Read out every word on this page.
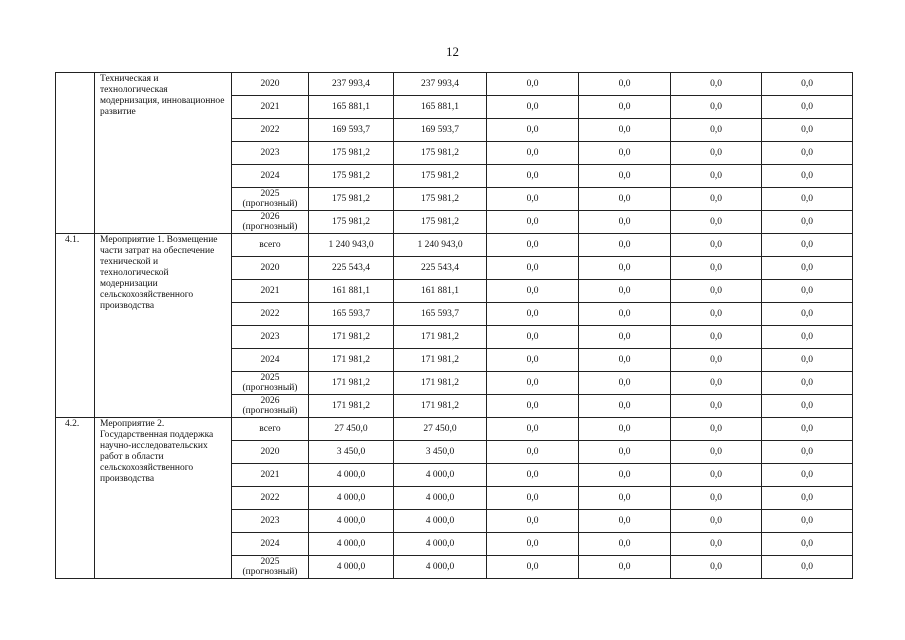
12
	Техническая и технологическая модернизация, инновационное развитие	2020	237 993,4	237 993,4	0,0	0,0	0,0	0,0

		2021	165 881,1	165 881,1	0,0	0,0	0,0	0,0

		2022	169 593,7	169 593,7	0,0	0,0	0,0	0,0

		2023	175 981,2	175 981,2	0,0	0,0	0,0	0,0

		2024	175 981,2	175 981,2	0,0	0,0	0,0	0,0

		2025
(прогнозный)	175 981,2	175 981,2	0,0	0,0	0,0	0,0

		2026
(прогнозный)	175 981,2	175 981,2	0,0	0,0	0,0	0,0
4.1.	Мероприятие 1. Возмещение части затрат на обеспечение технической и технологической модернизации сельскохозяйственного производства	всего	1 240 943,0	1 240 943,0	0,0	0,0	0,0	0,0

		2020	225 543,4	225 543,4	0,0	0,0	0,0	0,0

		2021	161 881,1	161 881,1	0,0	0,0	0,0	0,0

		2022	165 593,7	165 593,7	0,0	0,0	0,0	0,0

		2023	171 981,2	171 981,2	0,0	0,0	0,0	0,0

		2024	171 981,2	171 981,2	0,0	0,0	0,0	0,0

		2025
(прогнозный)	171 981,2	171 981,2	0,0	0,0	0,0	0,0

		2026
(прогнозный)	171 981,2	171 981,2	0,0	0,0	0,0	0,0
4.2.	Мероприятие 2. Государственная поддержка научно-исследовательских работ в области сельскохозяйственного производства	всего	27 450,0	27 450,0	0,0	0,0	0,0	0,0

		2020	3 450,0	3 450,0	0,0	0,0	0,0	0,0

		2021	4 000,0	4 000,0	0,0	0,0	0,0	0,0

		2022	4 000,0	4 000,0	0,0	0,0	0,0	0,0

		2023	4 000,0	4 000,0	0,0	0,0	0,0	0,0

		2024	4 000,0	4 000,0	0,0	0,0	0,0	0,0

		2025
(прогнозный)	4 000,0	4 000,0	0,0	0,0	0,0	0,0
